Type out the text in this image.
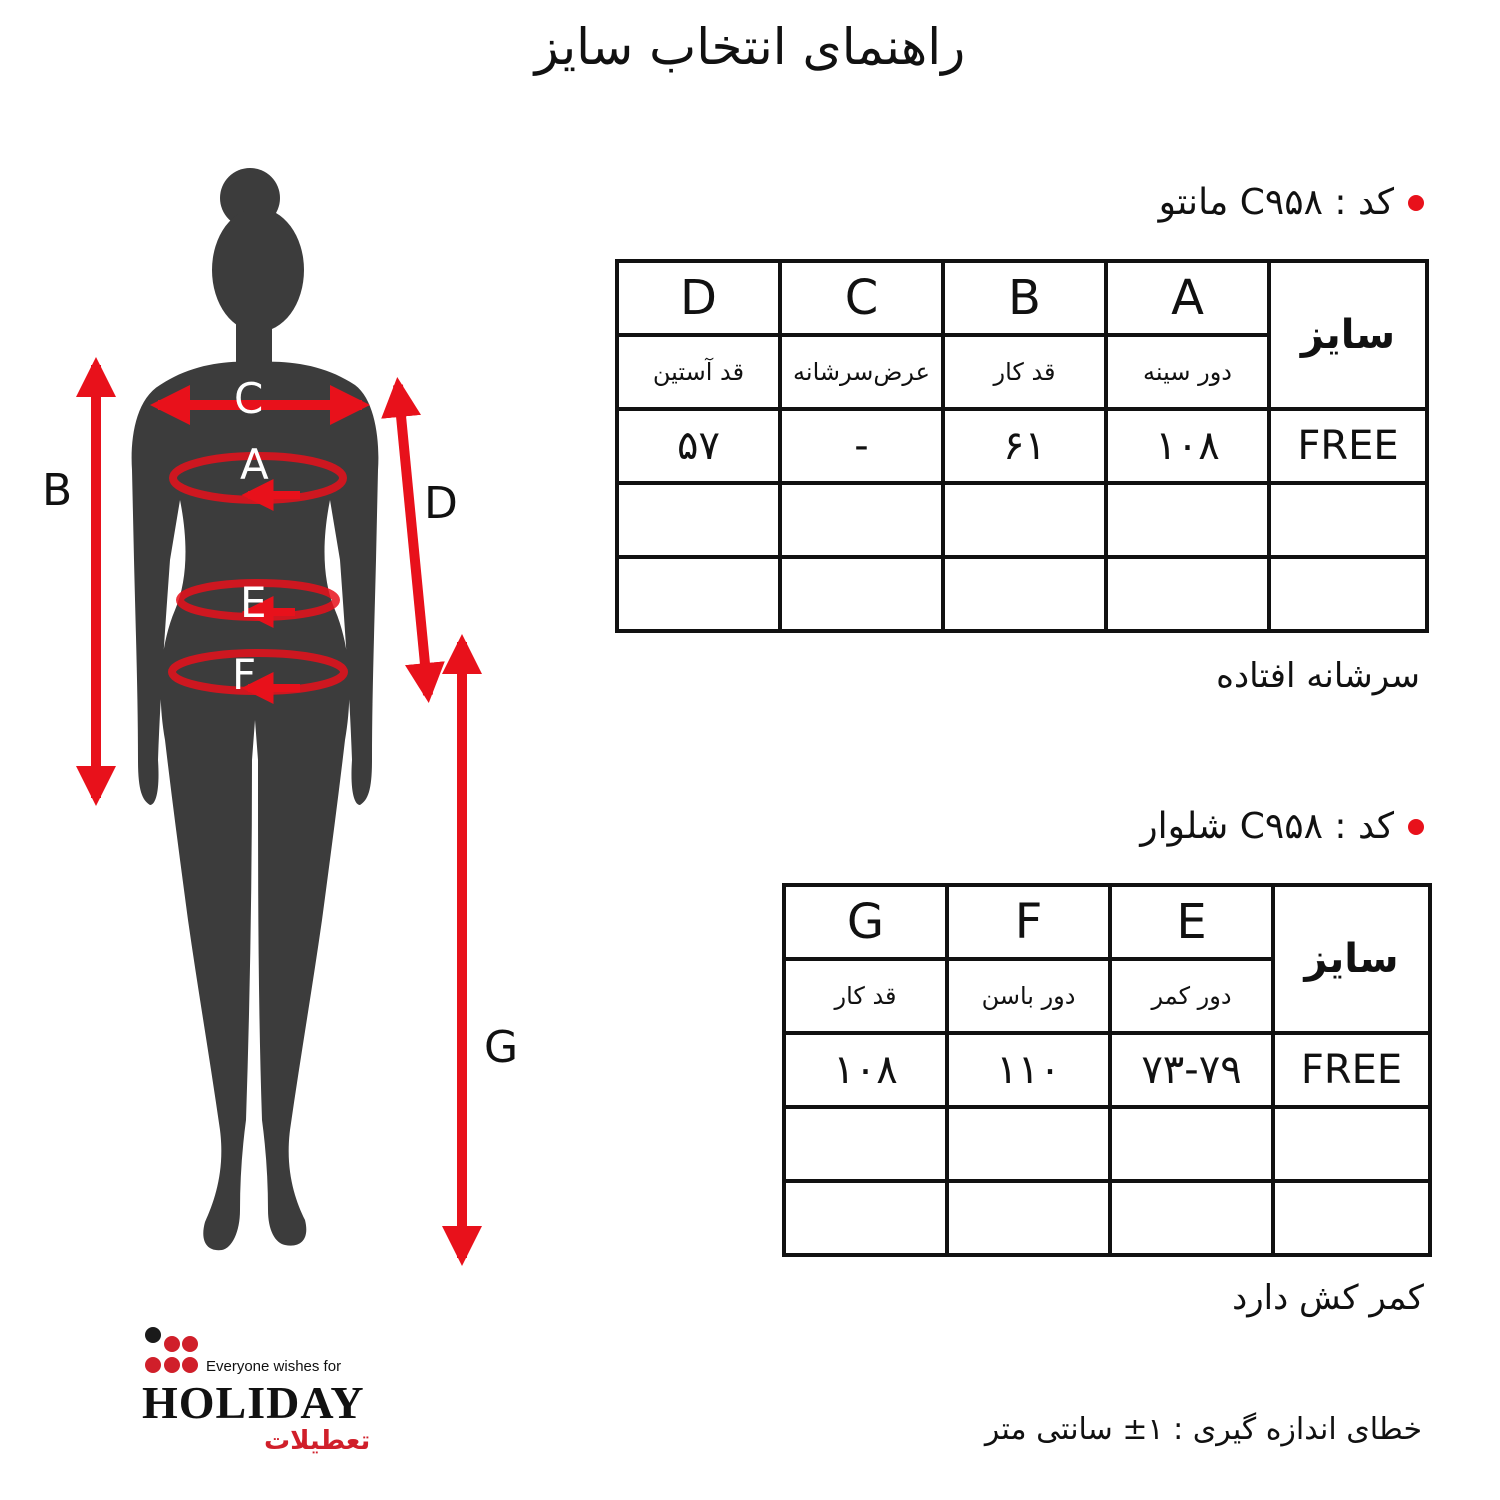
راهنمای انتخاب سایز
C
A
E
F
B	D
G
کد : C۹۵۸ مانتو
D	C	B	A	سایز
قد آستین	عرض‌سرشانه	قد کار	دور سینه	
۵۷	-	۶۱	۱۰۸	FREE

سرشانه افتاده
کد : C۹۵۸ شلوار
G	F	E	سایز
قد کار	دور باسن	دور کمر	
۱۰۸	۱۱۰	۷۳-۷۹	FREE

کمر کش دارد
Everyone wishes for
HOLIDAY
تعطیلات	خطای اندازه گیری : ۱± سانتی متر
